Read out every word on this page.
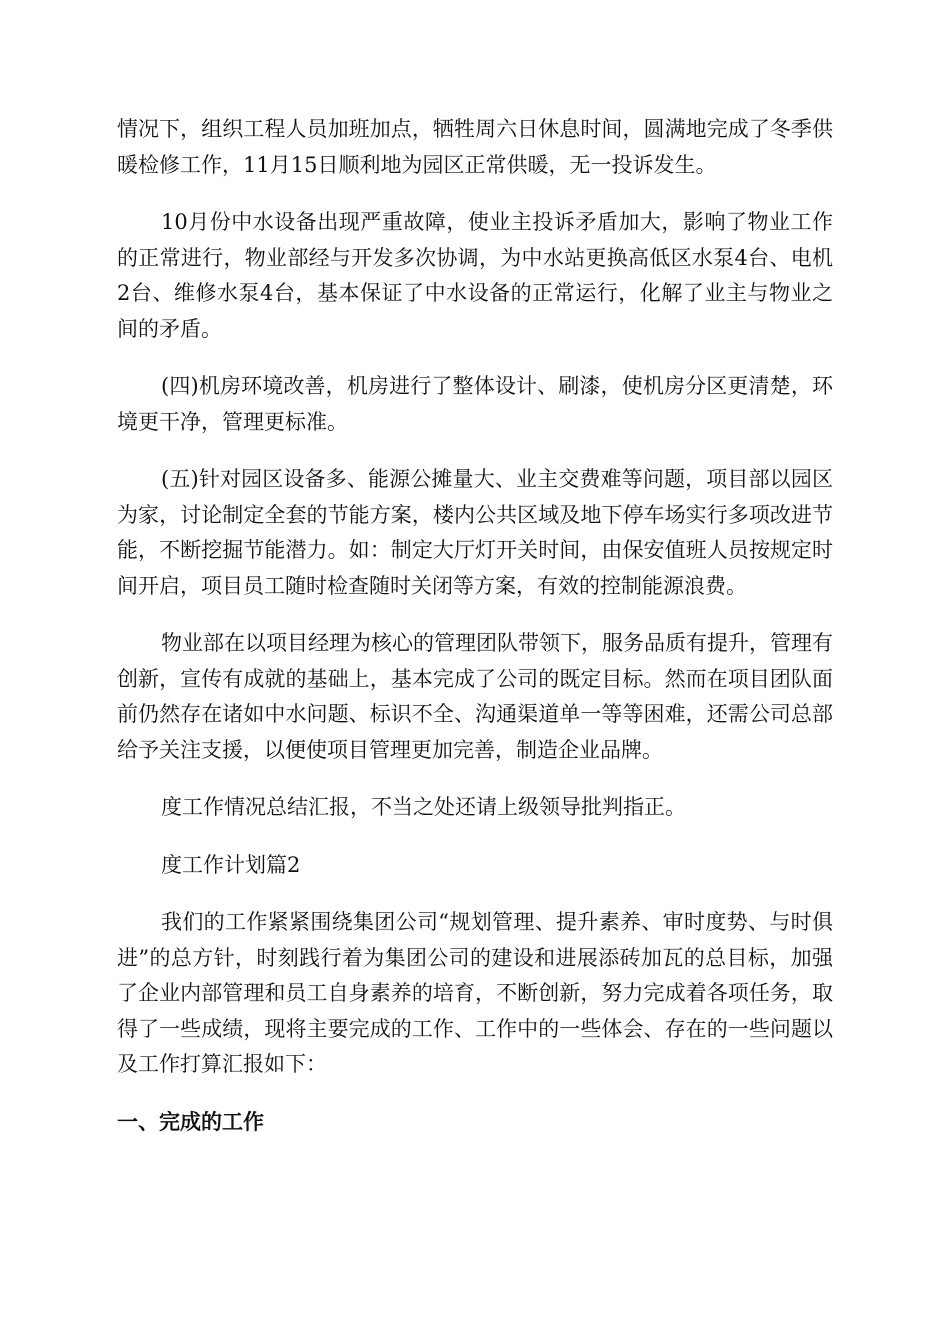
情况下，组织工程人员加班加点，牺牲周六日休息时间，圆满地完成了冬季供暖检修工作，11月15日顺利地为园区正常供暖，无一投诉发生。

10月份中水设备出现严重故障，使业主投诉矛盾加大，影响了物业工作的正常进行，物业部经与开发多次协调，为中水站更换高低区水泵4台、电机2台、维修水泵4台，基本保证了中水设备的正常运行，化解了业主与物业之间的矛盾。

(四)机房环境改善，机房进行了整体设计、刷漆，使机房分区更清楚，环境更干净，管理更标准。

(五)针对园区设备多、能源公摊量大、业主交费难等问题，项目部以园区为家，讨论制定全套的节能方案，楼内公共区域及地下停车场实行多项改进节能，不断挖掘节能潜力。如：制定大厅灯开关时间，由保安值班人员按规定时间开启，项目员工随时检查随时关闭等方案，有效的控制能源浪费。

物业部在以项目经理为核心的管理团队带领下，服务品质有提升，管理有创新，宣传有成就的基础上，基本完成了公司的既定目标。然而在项目团队面前仍然存在诸如中水问题、标识不全、沟通渠道单一等等困难，还需公司总部给予关注支援，以便使项目管理更加完善，制造企业品牌。

度工作情况总结汇报，不当之处还请上级领导批判指正。

度工作计划篇2

我们的工作紧紧围绕集团公司“规划管理、提升素养、审时度势、与时俱进”的总方针，时刻践行着为集团公司的建设和进展添砖加瓦的总目标，加强了企业内部管理和员工自身素养的培育，不断创新，努力完成着各项任务，取得了一些成绩，现将主要完成的工作、工作中的一些体会、存在的一些问题以及工作打算汇报如下：

一、完成的工作
